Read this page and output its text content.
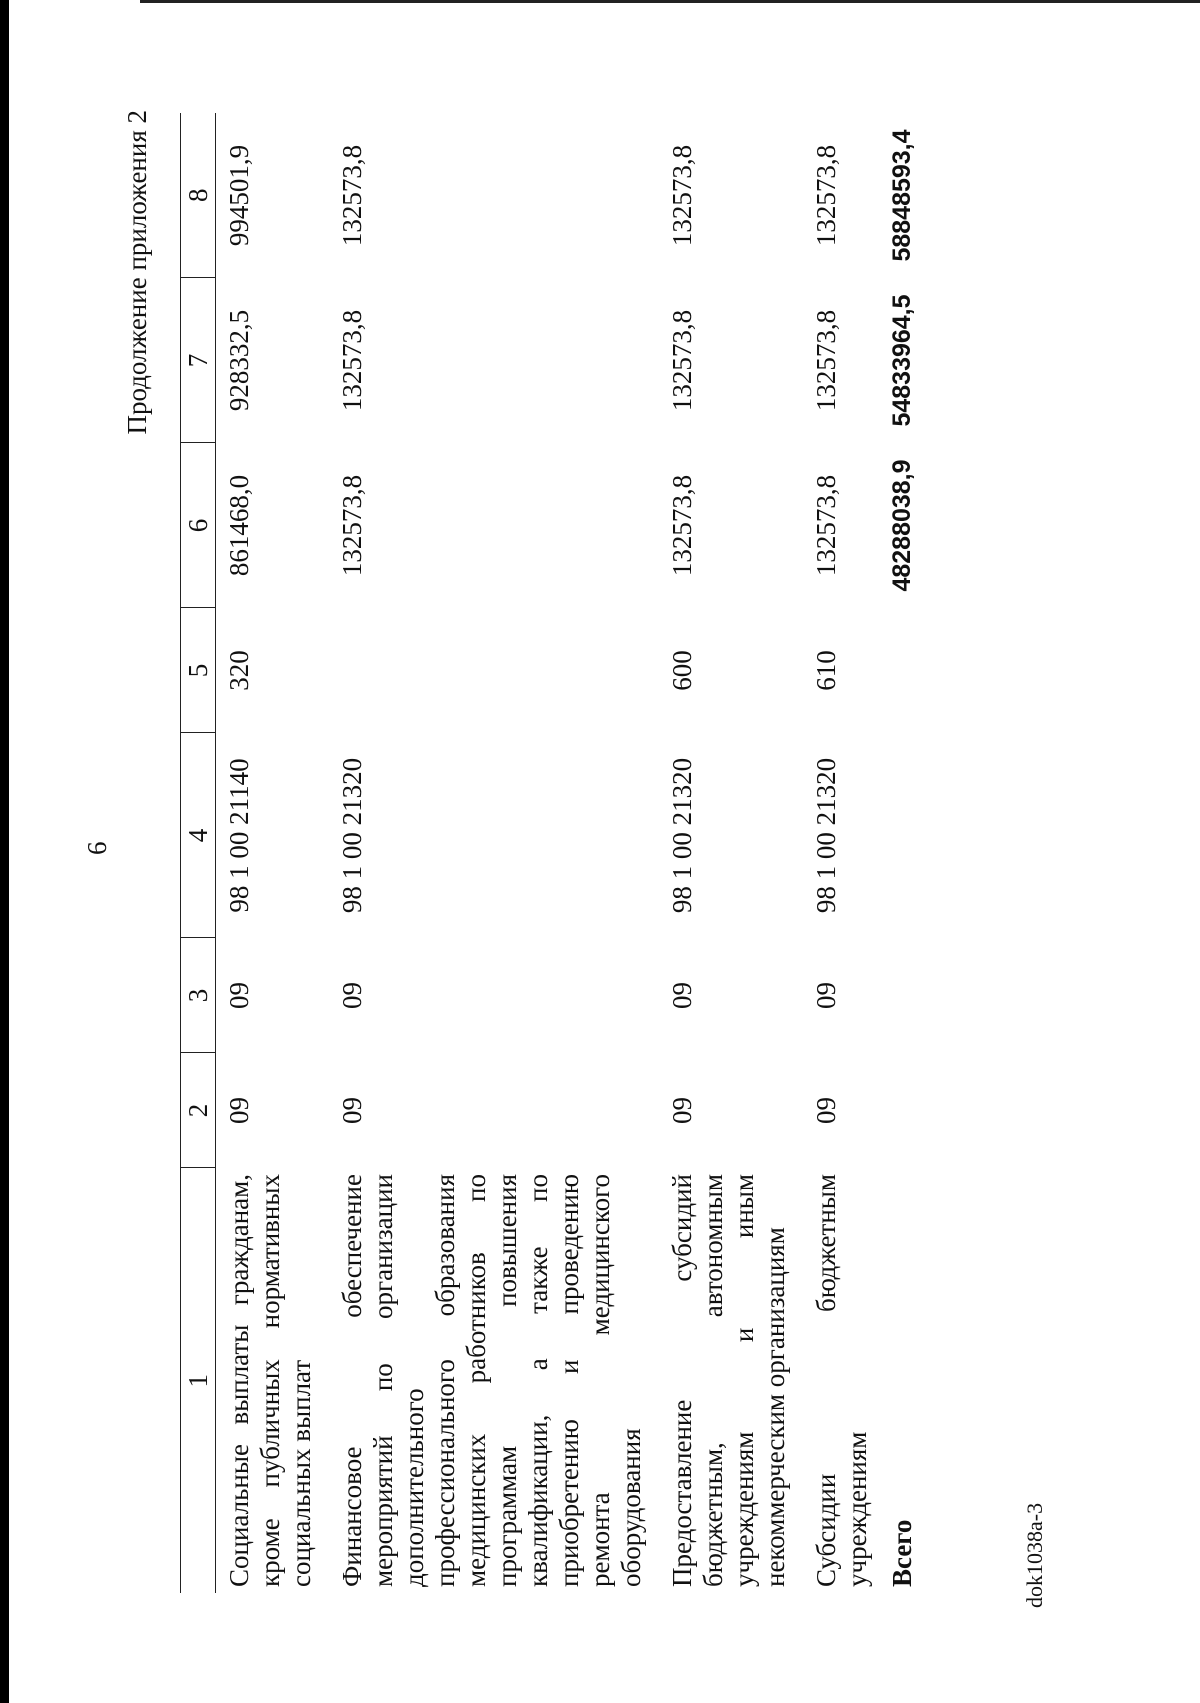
6
Продолжение приложения 2
1	2	3	4	5	6	7	8
Социальные выплаты гражданам, кроме публичных нормативных социальных выплат	09	09	98 1 00 21140	320	861468,0	928332,5	994501,9
Финансовое обеспечение мероприятий по организации дополнительного профессионального образования медицинских работников по программам повышения квалификации, а также по приобретению и проведению ремонта медицинского оборудования	09	09	98 1 00 21320		132573,8	132573,8	132573,8
Предоставление субсидий бюджетным, автономным учреждениям и иным некоммерческим организациям	09	09	98 1 00 21320	600	132573,8	132573,8	132573,8
Субсидии бюджетным учреждениям	09	09	98 1 00 21320	610	132573,8	132573,8	132573,8
Всего					48288038,9	54833964,5	58848593,4
dok1038a-3
